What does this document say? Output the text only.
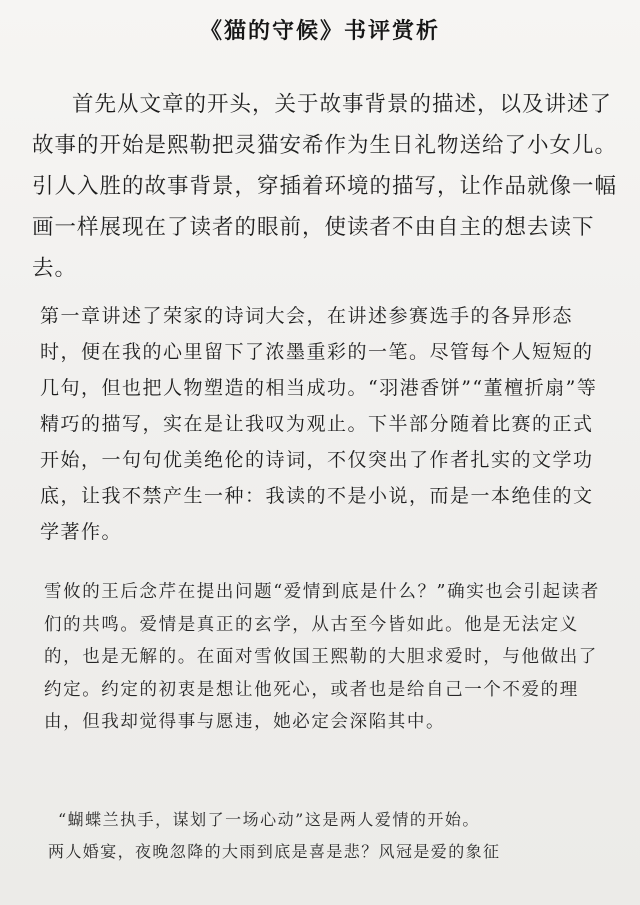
《猫的守候》书评赏析

首先从文章的开头，关于故事背景的描述，以及讲述了故事的开始是熙勒把灵猫安希作为生日礼物送给了小女儿。引人入胜的故事背景，穿插着环境的描写，让作品就像一幅画一样展现在了读者的眼前，使读者不由自主的想去读下去。

第一章讲述了荣家的诗词大会，在讲述参赛选手的各异形态时，便在我的心里留下了浓墨重彩的一笔。尽管每个人短短的几句，但也把人物塑造的相当成功。“羽港香饼”“董檀折扇”等精巧的描写，实在是让我叹为观止。下半部分随着比赛的正式开始，一句句优美绝伦的诗词，不仅突出了作者扎实的文学功底，让我不禁产生一种：我读的不是小说，而是一本绝佳的文学著作。

雪攸的王后念芹在提出问题“爱情到底是什么？”确实也会引起读者们的共鸣。爱情是真正的玄学，从古至今皆如此。他是无法定义的，也是无解的。在面对雪攸国王熙勒的大胆求爱时，与他做出了约定。约定的初衷是想让他死心，或者也是给自己一个不爱的理由，但我却觉得事与愿违，她必定会深陷其中。

“蝴蝶兰执手，谋划了一场心动”这是两人爱情的开始。

两人婚宴，夜晚忽降的大雨到底是喜是悲？风冠是爱的象征
